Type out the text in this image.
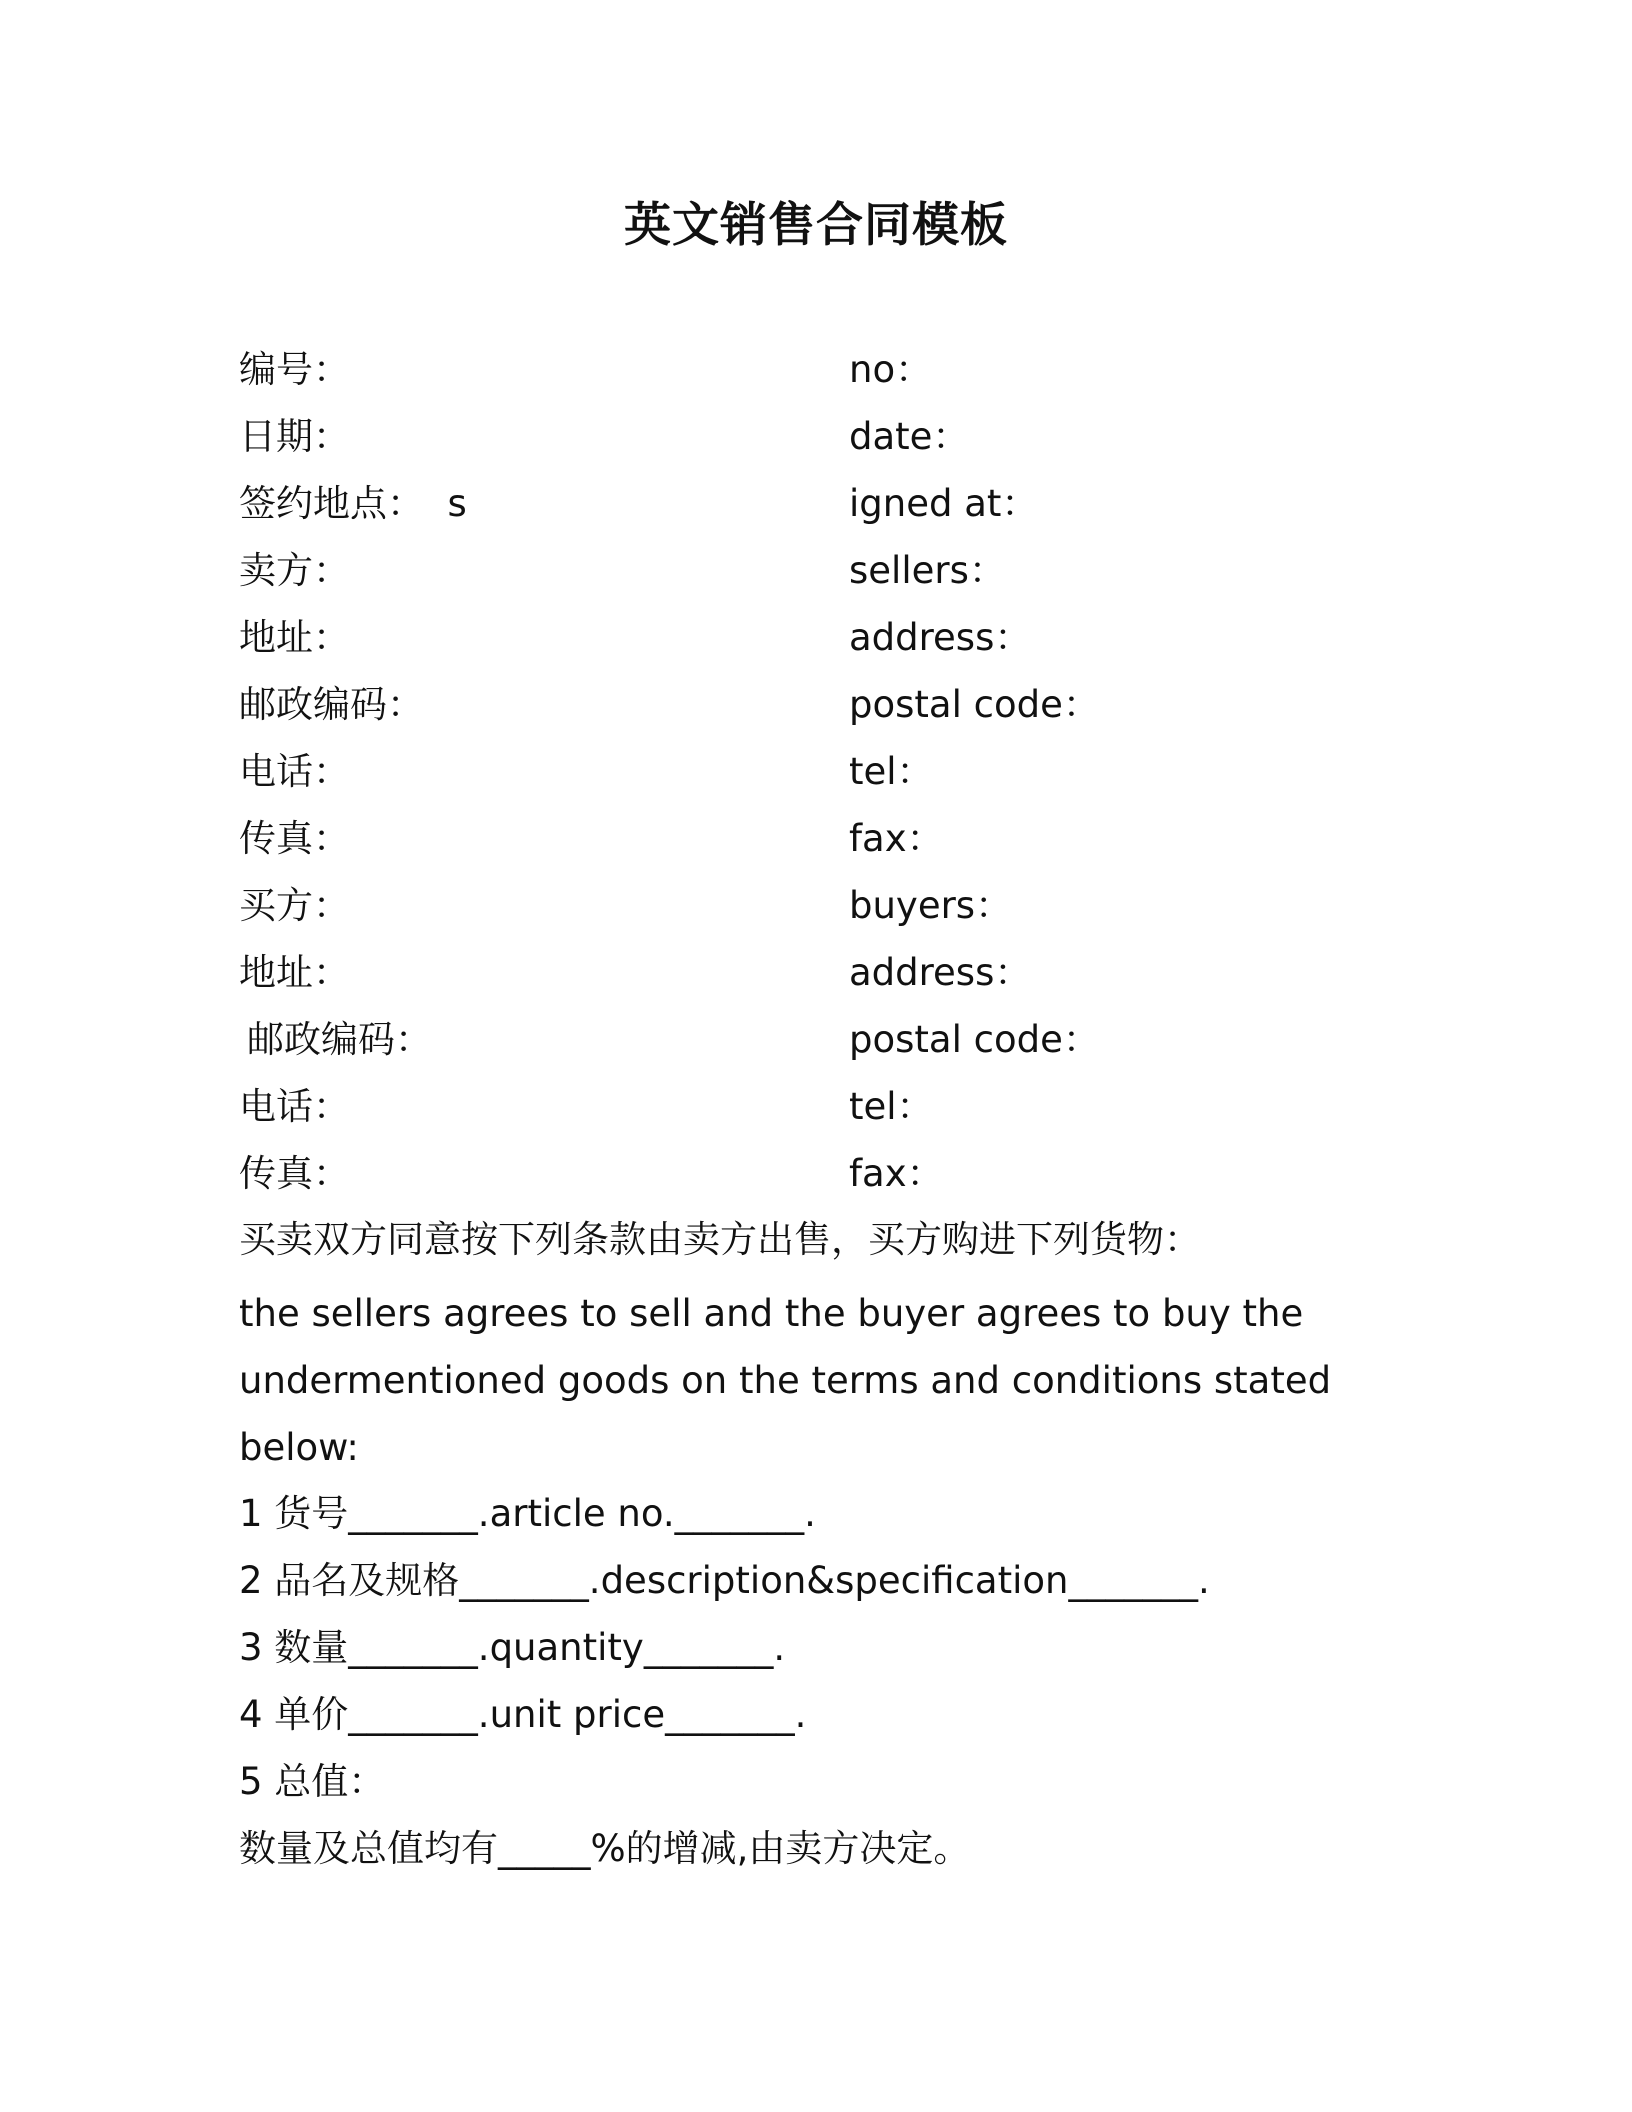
英文销售合同模板
编号：	no：
日期：	date：
签约地点：  s	igned at：
卖方：	sellers：
地址：	address：
邮政编码：	postal code：
电话：	tel：
传真：	fax：
买方：	buyers：
地址：	address：
邮政编码：	postal code：
电话：	tel：
传真：	fax：
买卖双方同意按下列条款由卖方出售，买方购进下列货物：
the sellers agrees to sell and the buyer agrees to buy the undermentioned goods on the terms and conditions stated below:
1 货号_______.article no._______.
2 品名及规格_______.description&specification_______.
3 数量_______.quantity_______.
4 单价_______.unit price_______.
5 总值：
数量及总值均有_____%的增减,由卖方决定。
